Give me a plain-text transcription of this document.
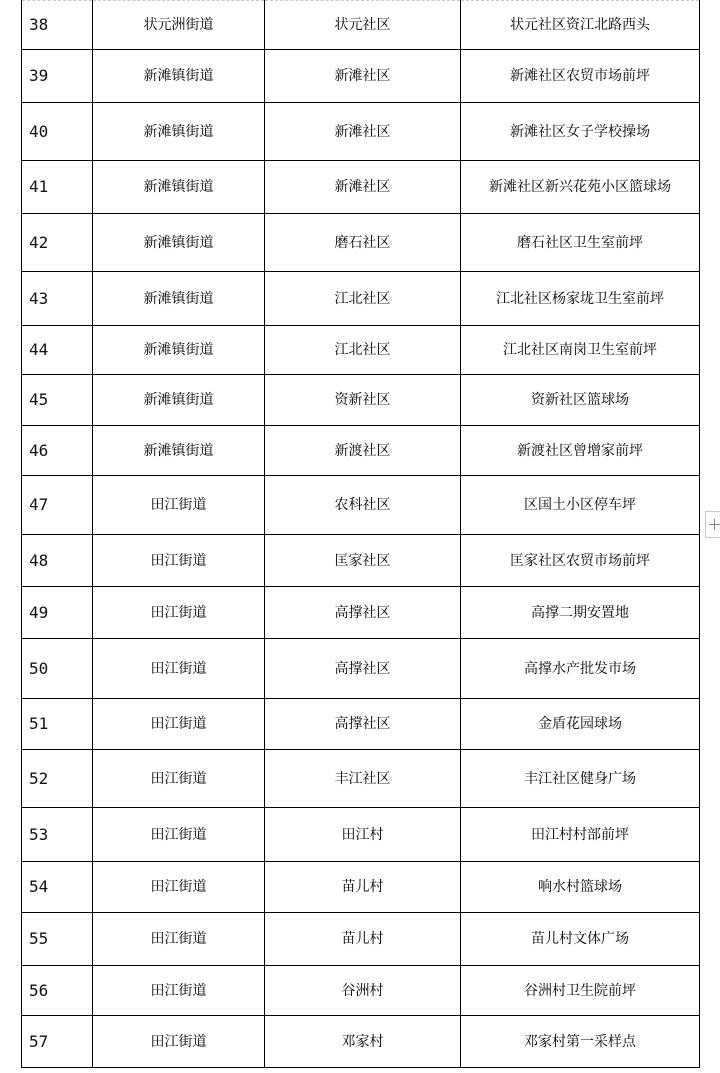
38	状元洲街道	状元社区	状元社区资江北路西头
39	新滩镇街道	新滩社区	新滩社区农贸市场前坪
40	新滩镇街道	新滩社区	新滩社区女子学校操场
41	新滩镇街道	新滩社区	新滩社区新兴花苑小区篮球场
42	新滩镇街道	磨石社区	磨石社区卫生室前坪
43	新滩镇街道	江北社区	江北社区杨家垅卫生室前坪
44	新滩镇街道	江北社区	江北社区南岗卫生室前坪
45	新滩镇街道	资新社区	资新社区篮球场
46	新滩镇街道	新渡社区	新渡社区曾增家前坪
47	田江街道	农科社区	区国土小区停车坪
48	田江街道	匡家社区	匡家社区农贸市场前坪
49	田江街道	高撑社区	高撑二期安置地
50	田江街道	高撑社区	高撑水产批发市场
51	田江街道	高撑社区	金盾花园球场
52	田江街道	丰江社区	丰江社区健身广场
53	田江街道	田江村	田江村村部前坪
54	田江街道	苗儿村	响水村篮球场
55	田江街道	苗儿村	苗儿村文体广场
56	田江街道	谷洲村	谷洲村卫生院前坪
57	田江街道	邓家村	邓家村第一采样点
